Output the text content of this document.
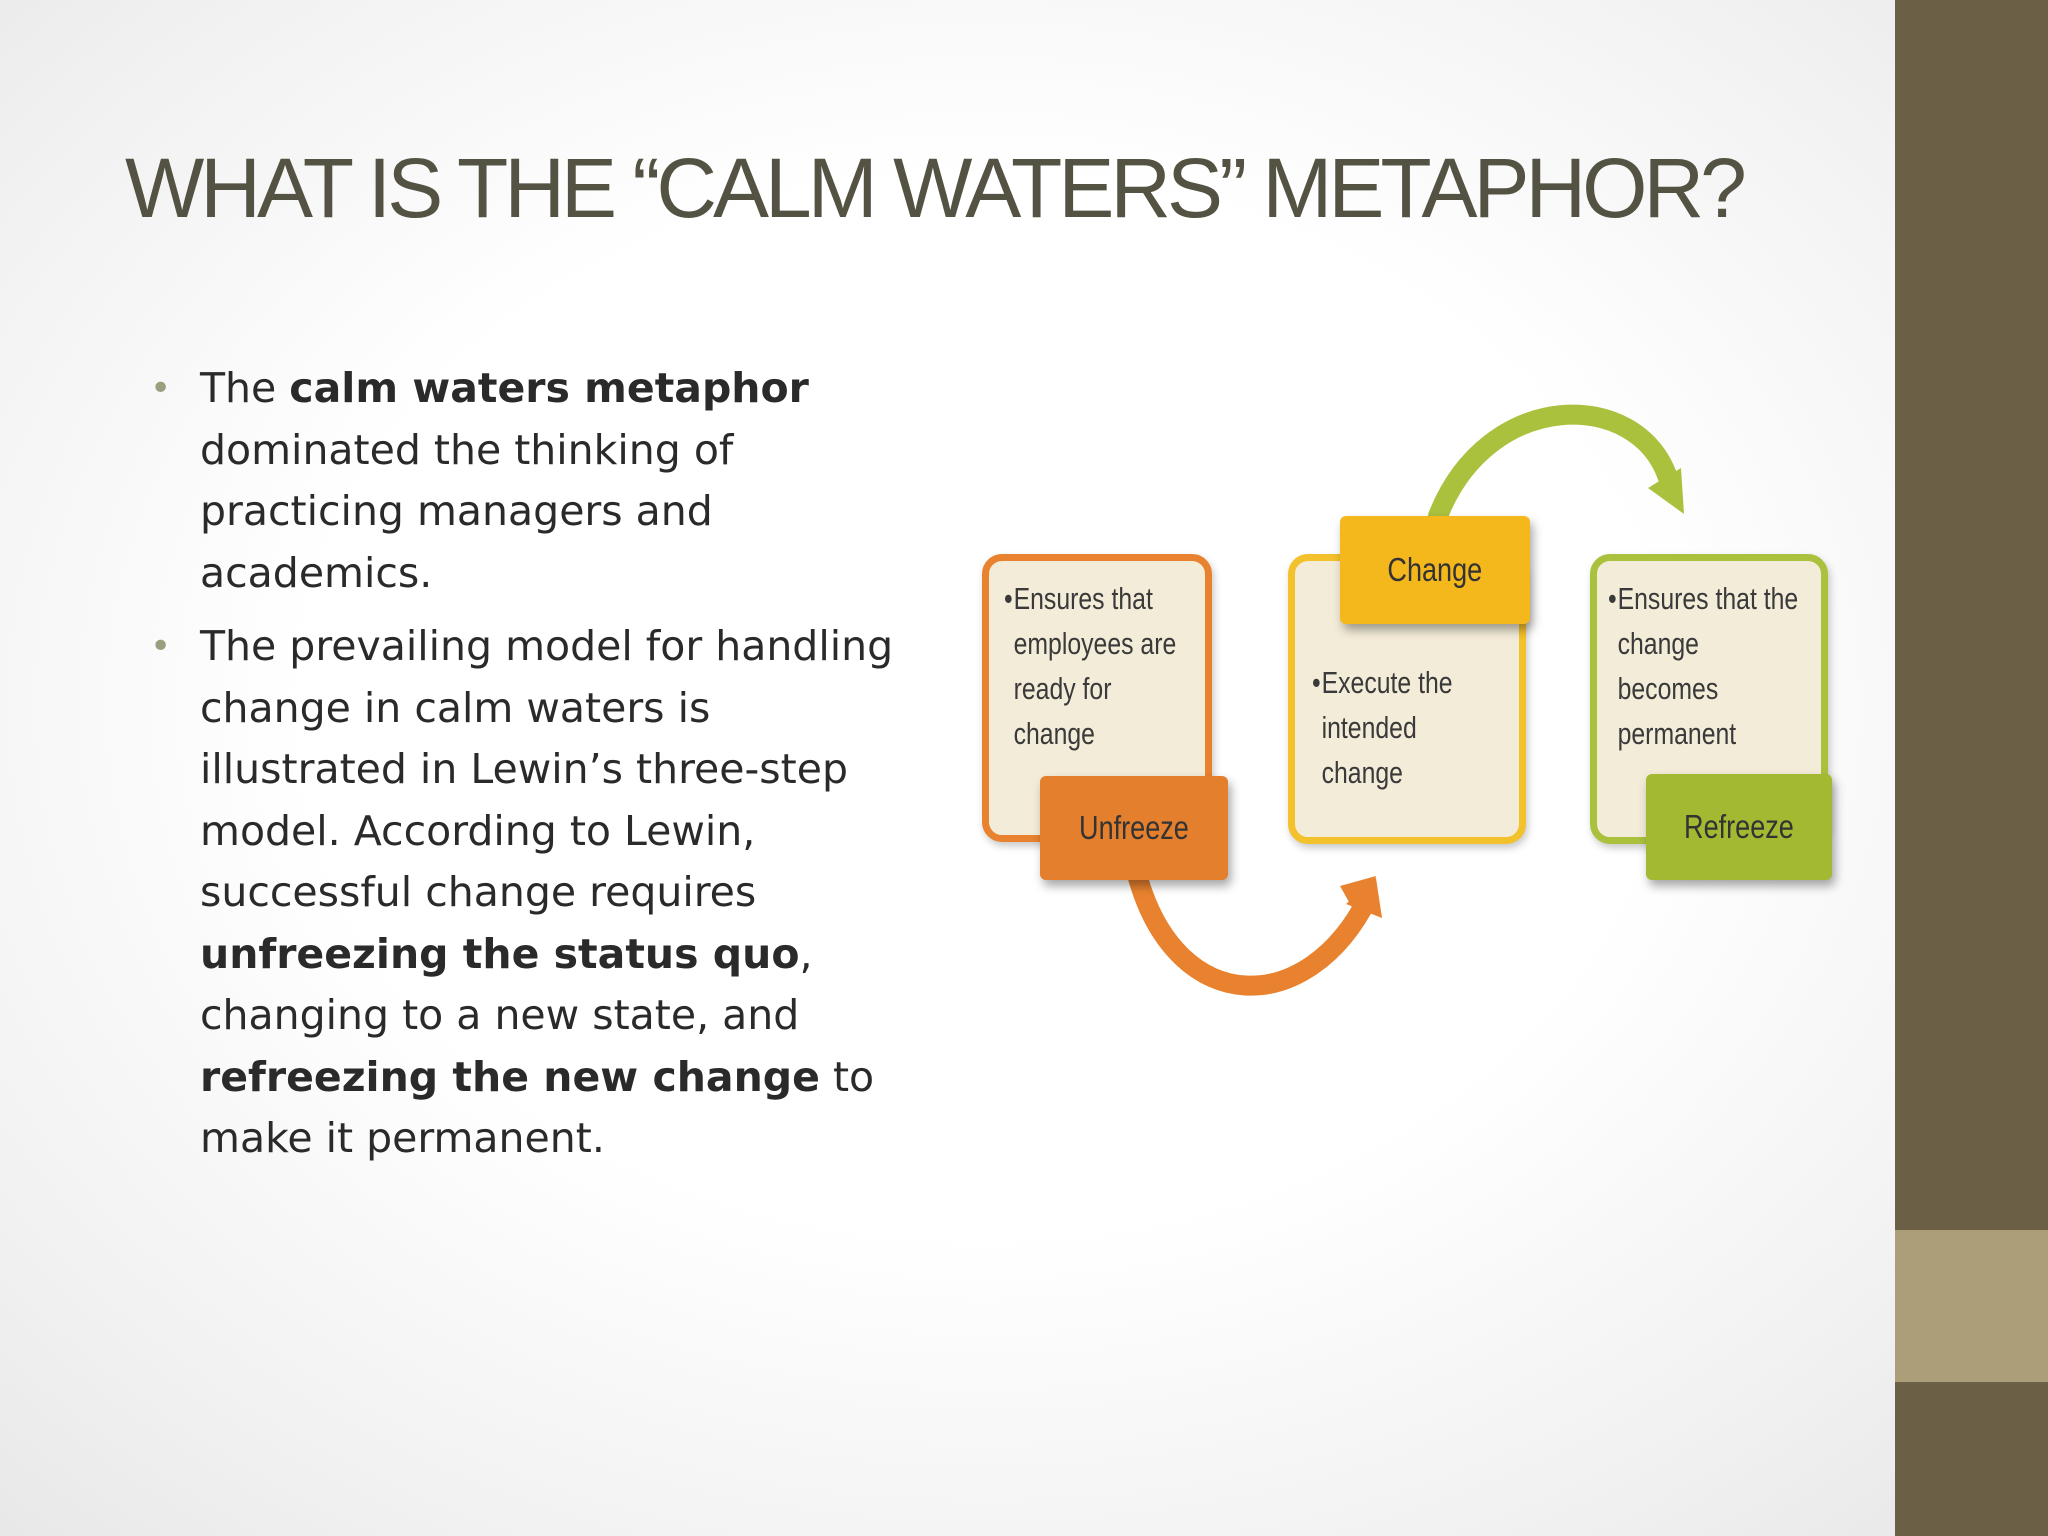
WHAT IS THE “CALM WATERS” METAPHOR?
• The calm waters metaphor dominated the thinking of practicing managers and academics.
• The prevailing model for handling change in calm waters is illustrated in Lewin’s three-step model. According to Lewin, successful change requires unfreezing the status quo, changing to a new state, and refreezing the new change to make it permanent.
•Ensures that
employees are
ready for
change
Unfreeze
•Execute the
intended
change
Change
•Ensures that the
change
becomes
permanent
Refreeze
